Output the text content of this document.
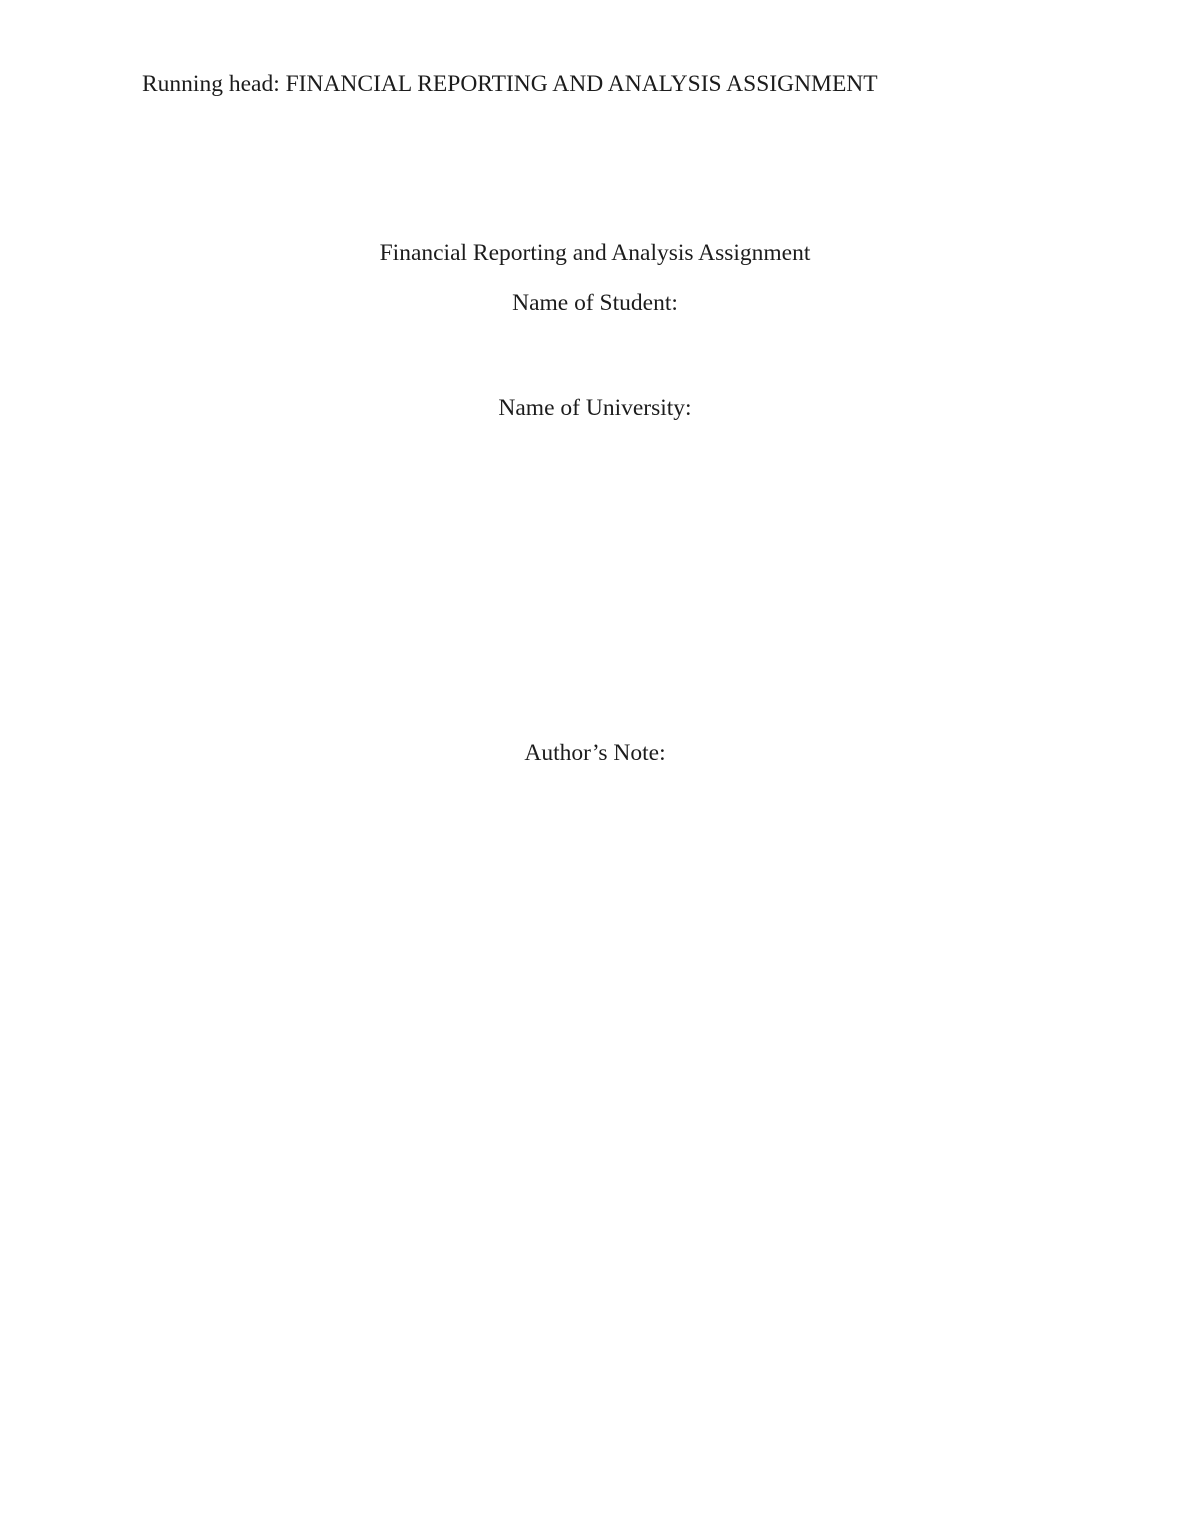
Running head: FINANCIAL REPORTING AND ANALYSIS ASSIGNMENT
Financial Reporting and Analysis Assignment
Name of Student:
Name of University:
Author’s Note:
